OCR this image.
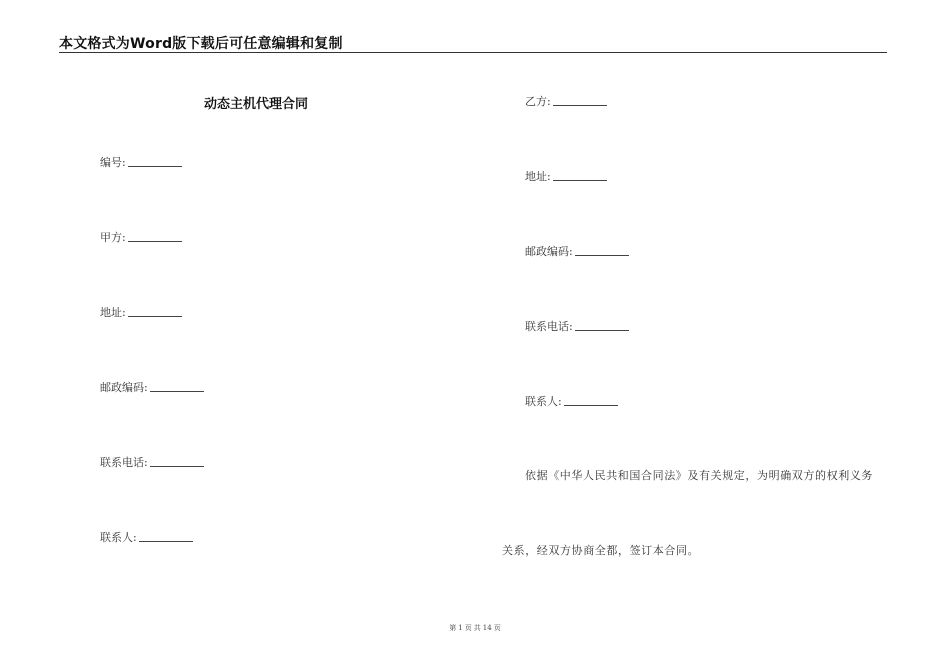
本文格式为Word版下载后可任意编辑和复制
动态主机代理合同
编号:
甲方:
地址:
邮政编码:
联系电话:
联系人:
乙方:
地址:
邮政编码:
联系电话:
联系人:
依据《中华人民共和国合同法》及有关规定，为明确双方的权利义务
关系，经双方协商全都，签订本合同。
第 1 页 共 14 页
